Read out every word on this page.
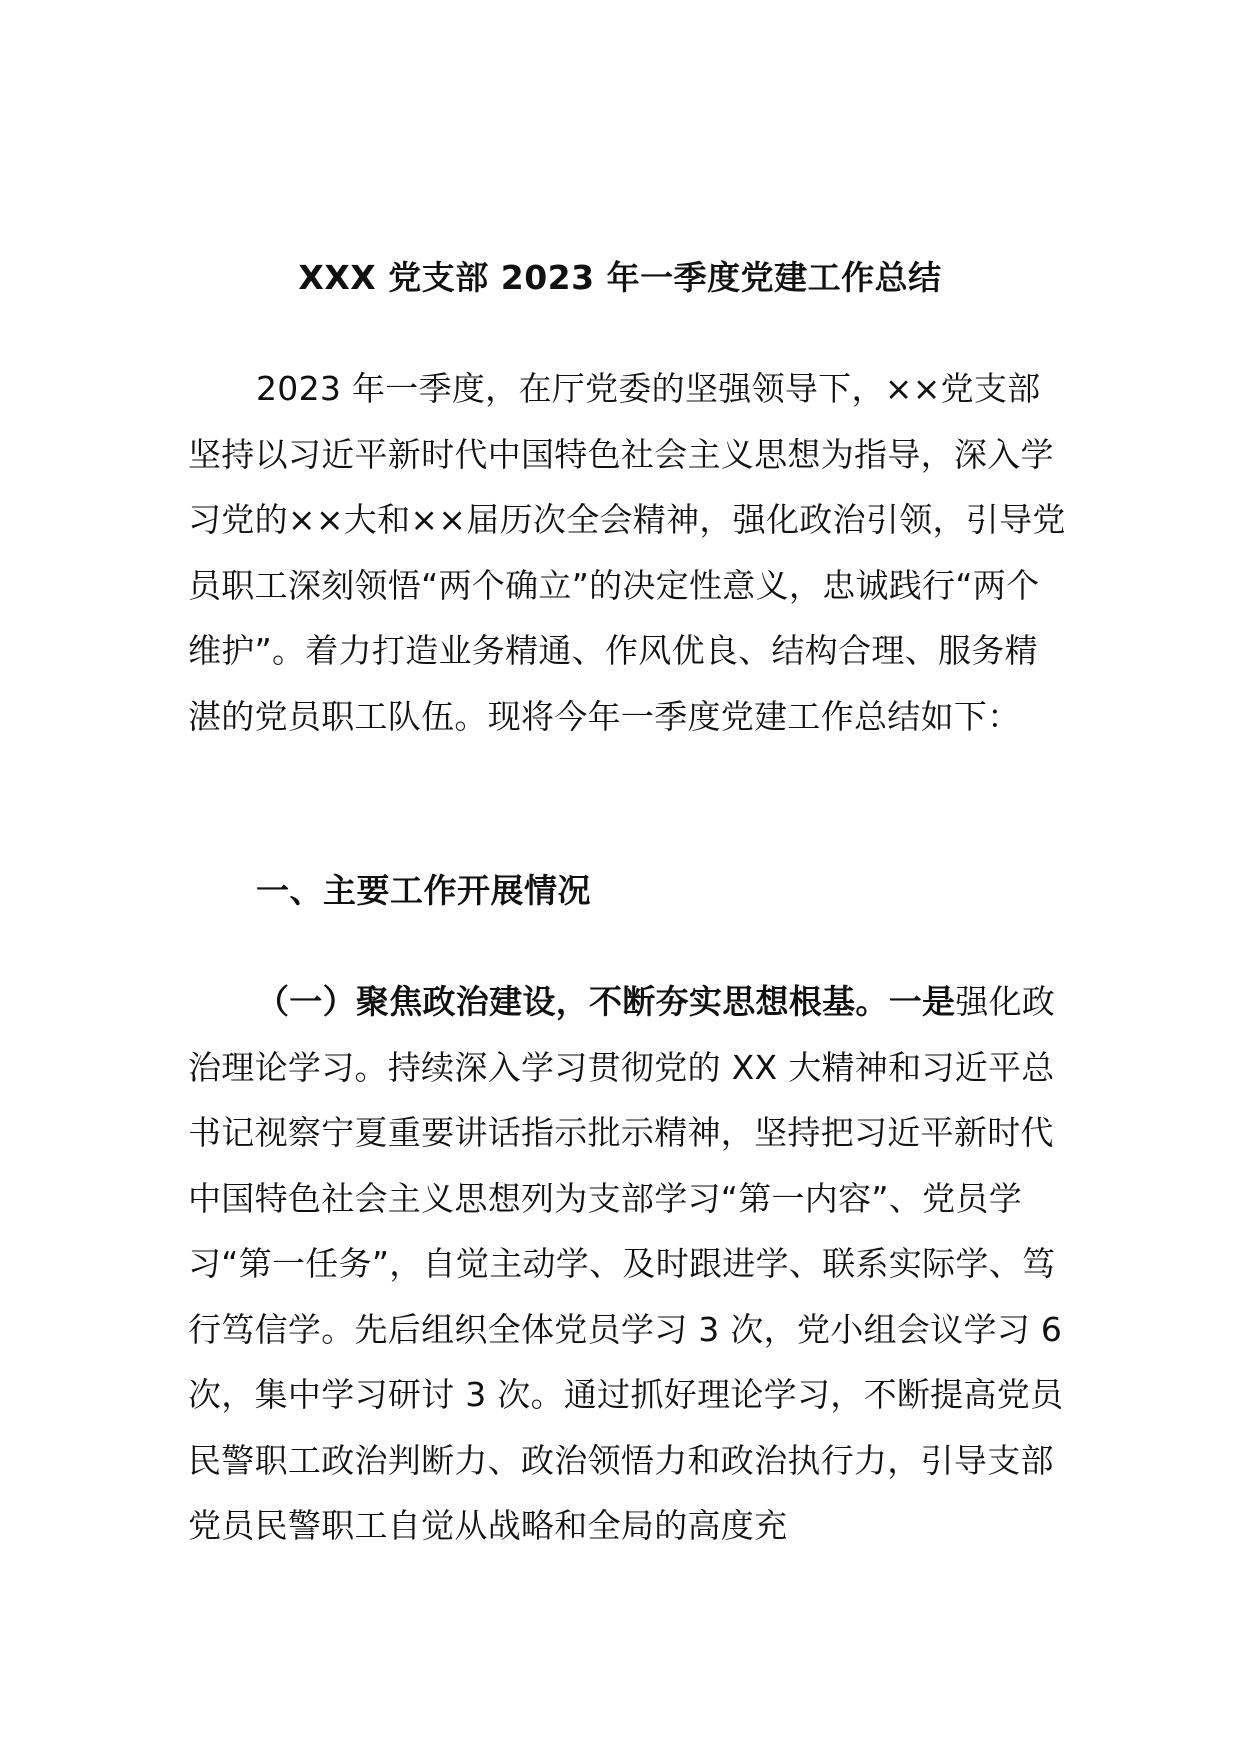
XXX 党支部 2023 年一季度党建工作总结

2023 年一季度，在厅党委的坚强领导下，××党支部坚持以习近平新时代中国特色社会主义思想为指导，深入学习党的××大和××届历次全会精神，强化政治引领，引导党员职工深刻领悟“两个确立”的决定性意义，忠诚践行“两个维护”。着力打造业务精通、作风优良、结构合理、服务精湛的党员职工队伍。现将今年一季度党建工作总结如下：

一、主要工作开展情况

（一）聚焦政治建设，不断夯实思想根基。一是强化政治理论学习。持续深入学习贯彻党的 XX 大精神和习近平总书记视察宁夏重要讲话指示批示精神，坚持把习近平新时代中国特色社会主义思想列为支部学习“第一内容”、党员学习“第一任务”，自觉主动学、及时跟进学、联系实际学、笃行笃信学。先后组织全体党员学习 3 次，党小组会议学习 6 次，集中学习研讨 3 次。通过抓好理论学习，不断提高党员民警职工政治判断力、政治领悟力和政治执行力，引导支部党员民警职工自觉从战略和全局的高度充
